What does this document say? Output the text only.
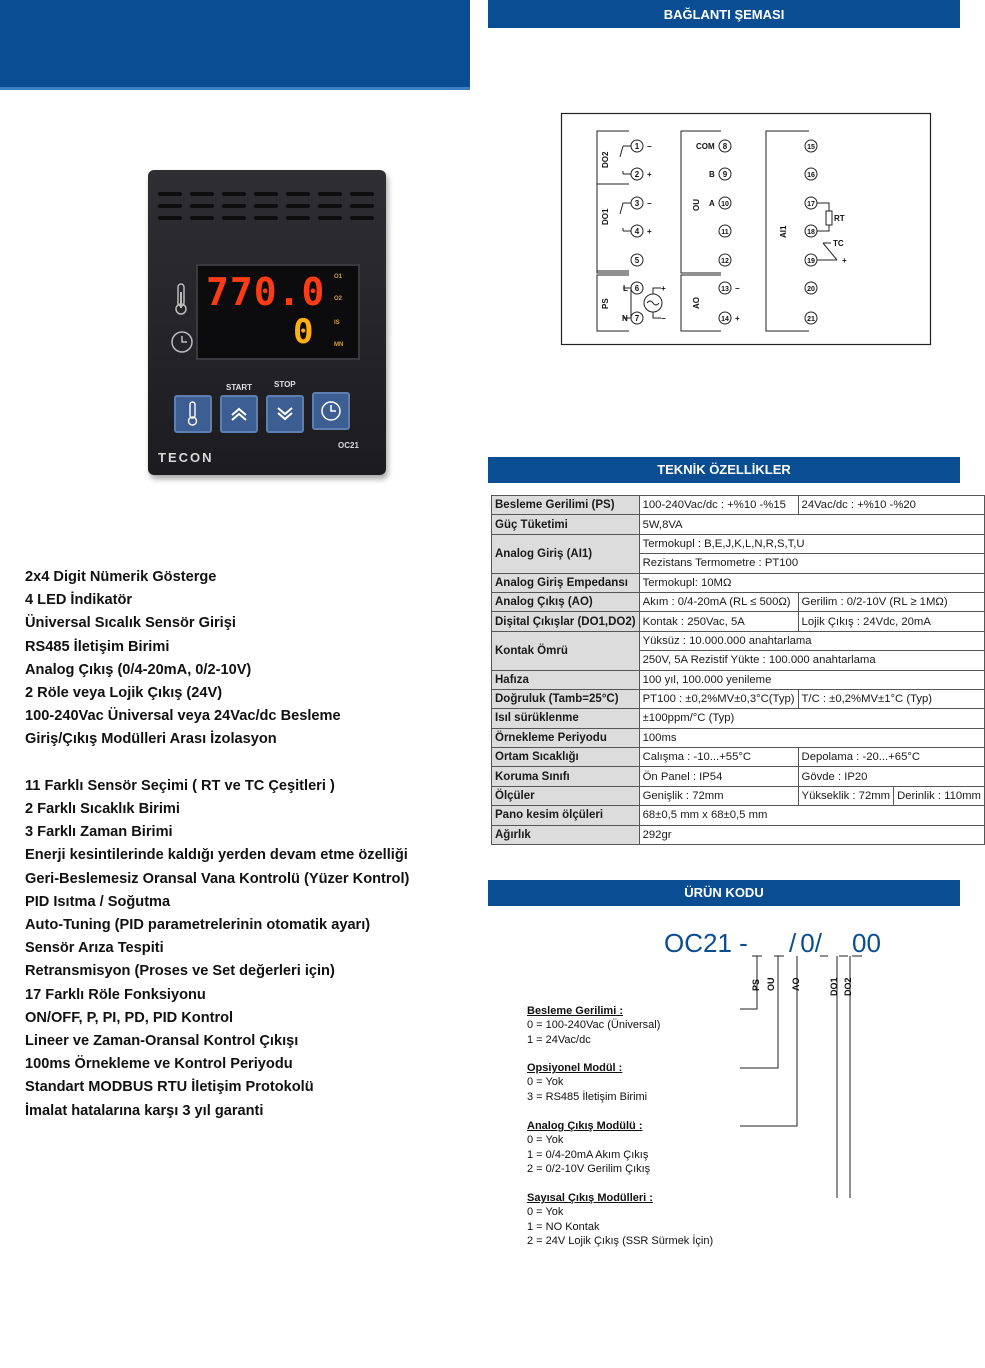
BAĞLANTI ŞEMASI
770.0
0
O1
O2
IS
MN
START	STOP
TECON
OC21
2x4 Digit Nümerik Gösterge
4 LED İndikatör
Üniversal Sıcalık Sensör Girişi
RS485 İletişim Birimi
Analog Çıkış (0/4-20mA, 0/2-10V)
2 Röle veya Lojik Çıkış (24V)
100-240Vac Üniversal veya 24Vac/dc Besleme
Giriş/Çıkış Modülleri Arası İzolasyon

11 Farklı Sensör Seçimi ( RT ve TC Çeşitleri )
2 Farklı Sıcaklık Birimi
3 Farklı Zaman Birimi
Enerji kesintilerinde kaldığı yerden devam etme özelliği
Geri-Beslemesiz Oransal Vana Kontrolü (Yüzer Kontrol)
PID Isıtma / Soğutma
Auto-Tuning (PID parametrelerinin otomatik ayarı)
Sensör Arıza Tespiti
Retransmisyon (Proses ve Set değerleri için)
17 Farklı Röle Fonksiyonu
ON/OFF, P, PI, PD, PID Kontrol
Lineer ve Zaman-Oransal Kontrol Çıkışı
100ms Örnekleme ve Kontrol Periyodu
Standart MODBUS RTU İletişim Protokolü
İmalat hatalarına karşı 3 yıl garanti
DO2
DO1
PS
OU
AO
AI1
1
2
3
4
5
6
7
−
+
−
+
L
N
+
−
8
9
10
11
12
13
14
COM
B
A
−
+
15
16
17
18
19
20
21
RT
TC
+
TEKNİK ÖZELLİKLER
Besleme Gerilimi (PS)	100-240Vac/dc : +%10 -%15	24Vac/dc : +%10 -%20	
Güç Tüketimi	5W,8VA		
Analog Giriş (AI1)	Termokupl : B,E,J,K,L,N,R,S,T,U		
	Rezistans Termometre : PT100		
Analog Giriş Empedansı	Termokupl: 10MΩ		
Analog Çıkış (AO)	Akım : 0/4-20mA (RL ≤ 500Ω)	Gerilim : 0/2-10V (RL ≥ 1MΩ)	
Dişital Çıkışlar (DO1,DO2)	Kontak : 250Vac, 5A	Lojik Çıkış : 24Vdc, 20mA	
Kontak Ömrü	Yüksüz : 10.000.000 anahtarlama		
	250V, 5A Rezistif Yükte : 100.000 anahtarlama		
Hafıza	100 yıl, 100.000 yenileme		
Doğruluk (Tamb=25°C)	PT100 : ±0,2%MV±0,3°C(Typ)	T/C : ±0,2%MV±1°C (Typ)	
Isıl sürüklenme	±100ppm/°C (Typ)		
Örnekleme Periyodu	100ms		
Ortam Sıcaklığı	Calışma : -10...+55°C	Depolama : -20...+65°C	
Koruma Sınıfı	Ön Panel : IP54	Gövde : IP20	
Ölçüler	Genişlik : 72mm	Yükseklik : 72mm	Derinlik : 110mm
Pano kesim ölçüleri	68±0,5 mm x 68±0,5 mm		
Ağırlık	292gr		
ÜRÜN KODU
OC21 - / 0/ 00
PS OU AO	DO1 DO2
Besleme Gerilimi :
0 = 100-240Vac (Üniversal)
1 = 24Vac/dc
Opsiyonel Modül :
0 = Yok
3 = RS485 İletişim Birimi
Analog Çıkış Modülü :
0 = Yok
1 = 0/4-20mA Akım Çıkış
2 = 0/2-10V Gerilim Çıkış
Sayısal Çıkış Modülleri :
0 = Yok
1 = NO Kontak
2 = 24V Lojik Çıkış (SSR Sürmek İçin)
